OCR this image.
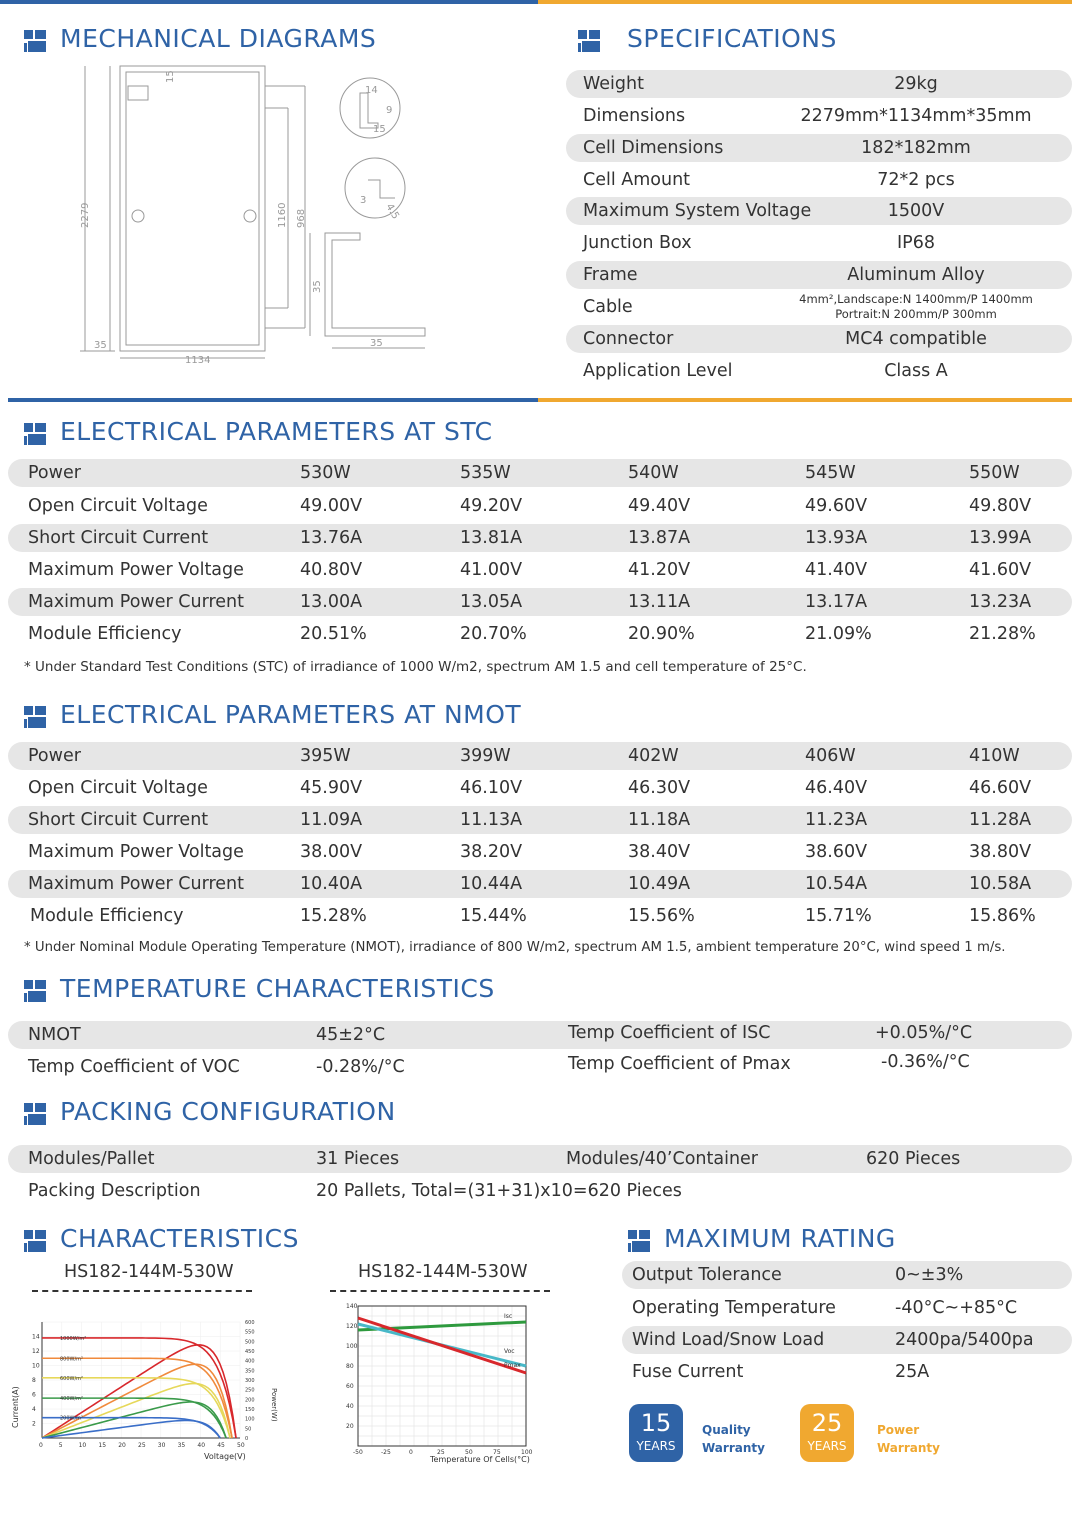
MECHANICAL DIAGRAMS
2279
1134
1160 968
35	35
15
35
14
15
9
4.5
3
SPECIFICATIONS
Weight	29kg
Dimensions	2279mm*1134mm*35mm
Cell Dimensions	182*182mm
Cell Amount	72*2 pcs
Maximum System Voltage	1500V
Junction Box	IP68
Frame	Aluminum Alloy
Cable	4mm²,Landscape:N 1400mm/P 1400mm
Portrait:N 200mm/P 300mm
Connector	MC4 compatible
Application Level	Class A
ELECTRICAL PARAMETERS AT STC
Power	530W	535W	540W	545W	550W
Open Circuit Voltage	49.00V	49.20V	49.40V	49.60V	49.80V
Short Circuit Current	13.76A	13.81A	13.87A	13.93A	13.99A
Maximum Power Voltage	40.80V	41.00V	41.20V	41.40V	41.60V
Maximum Power Current	13.00A	13.05A	13.11A	13.17A	13.23A
Module Efficiency	20.51%	20.70%	20.90%	21.09%	21.28%
* Under Standard Test Conditions (STC) of irradiance of 1000 W/m2, spectrum AM 1.5 and cell temperature of 25°C.
ELECTRICAL PARAMETERS AT NMOT
Power	395W	399W	402W	406W	410W
Open Circuit Voltage	45.90V	46.10V	46.30V	46.40V	46.60V
Short Circuit Current	11.09A	11.13A	11.18A	11.23A	11.28A
Maximum Power Voltage	38.00V	38.20V	38.40V	38.60V	38.80V
Maximum Power Current	10.40A	10.44A	10.49A	10.54A	10.58A
Module Efficiency	15.28%	15.44%	15.56%	15.71%	15.86%
* Under Nominal Module Operating Temperature (NMOT), irradiance of 800 W/m2, spectrum AM 1.5, ambient temperature 20°C, wind speed 1 m/s.
TEMPERATURE CHARACTERISTICS
NMOT	45±2°C	Temp Coefficient of ISC	+0.05%/°C
Temp Coefficient of VOC	-0.28%/°C	Temp Coefficient of Pmax	-0.36%/°C
PACKING CONFIGURATION
Modules/Pallet	31 Pieces	Modules/40’Container	620 Pieces
Packing Description	20 Pallets, Total=(31+31)x10=620 Pieces
CHARACTERISTICS
HS182-144M-530W	HS182-144M-530W
Current(A)	Power(W)
Voltage(V)
0	5	10 15 20 25 30 35 40 45 50
2
4
6
8
10
12
14
0
50
100
150
200
250
300
350
400
450
500
550
600
1000W/m²
800W/m²
600W/m²
400W/m²
200W/m²
Temperature Of Cells(°C)
-50	-25	0	25	50	75	100
20
40
60
80
100
120
140
Isc
Voc
Pmax
MAXIMUM RATING
Output Tolerance	0~±3%
Operating Temperature	-40°C~+85°C
Wind Load/Snow Load	2400pa/5400pa
Fuse Current	25A
15
YEARS
Quality
Warranty
25
YEARS
Power
Warranty
